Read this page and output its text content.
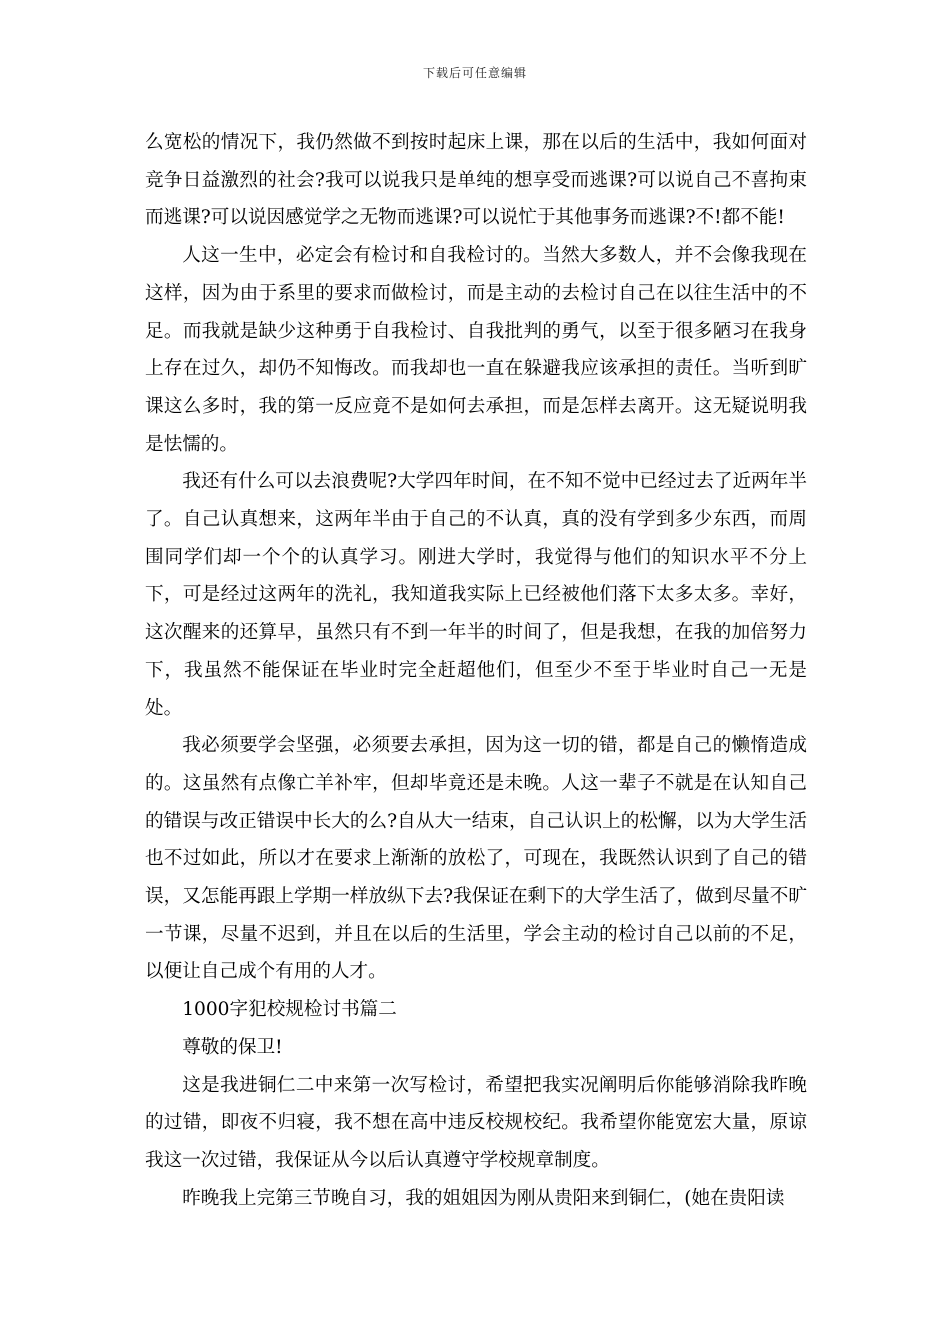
下载后可任意编辑

么宽松的情况下，我仍然做不到按时起床上课，那在以后的生活中，我如何面对竞争日益激烈的社会?我可以说我只是单纯的想享受而逃课?可以说自己不喜拘束而逃课?可以说因感觉学之无物而逃课?可以说忙于其他事务而逃课?不!都不能!

人这一生中，必定会有检讨和自我检讨的。当然大多数人，并不会像我现在这样，因为由于系里的要求而做检讨，而是主动的去检讨自己在以往生活中的不足。而我就是缺少这种勇于自我检讨、自我批判的勇气，以至于很多陋习在我身上存在过久，却仍不知悔改。而我却也一直在躲避我应该承担的责任。当听到旷课这么多时，我的第一反应竟不是如何去承担，而是怎样去离开。这无疑说明我是怯懦的。

我还有什么可以去浪费呢?大学四年时间，在不知不觉中已经过去了近两年半了。自己认真想来，这两年半由于自己的不认真，真的没有学到多少东西，而周围同学们却一个个的认真学习。刚进大学时，我觉得与他们的知识水平不分上下，可是经过这两年的洗礼，我知道我实际上已经被他们落下太多太多。幸好，这次醒来的还算早，虽然只有不到一年半的时间了，但是我想，在我的加倍努力下，我虽然不能保证在毕业时完全赶超他们，但至少不至于毕业时自己一无是处。

我必须要学会坚强，必须要去承担，因为这一切的错，都是自己的懒惰造成的。这虽然有点像亡羊补牢，但却毕竟还是未晚。人这一辈子不就是在认知自己的错误与改正错误中长大的么?自从大一结束，自己认识上的松懈，以为大学生活也不过如此，所以才在要求上渐渐的放松了，可现在，我既然认识到了自己的错误，又怎能再跟上学期一样放纵下去?我保证在剩下的大学生活了，做到尽量不旷一节课，尽量不迟到，并且在以后的生活里，学会主动的检讨自己以前的不足，以便让自己成个有用的人才。

1000字犯校规检讨书篇二

尊敬的保卫!

这是我进铜仁二中来第一次写检讨，希望把我实况阐明后你能够消除我昨晚的过错，即夜不归寝，我不想在高中违反校规校纪。我希望你能宽宏大量，原谅我这一次过错，我保证从今以后认真遵守学校规章制度。

昨晚我上完第三节晚自习，我的姐姐因为刚从贵阳来到铜仁，(她在贵阳读
